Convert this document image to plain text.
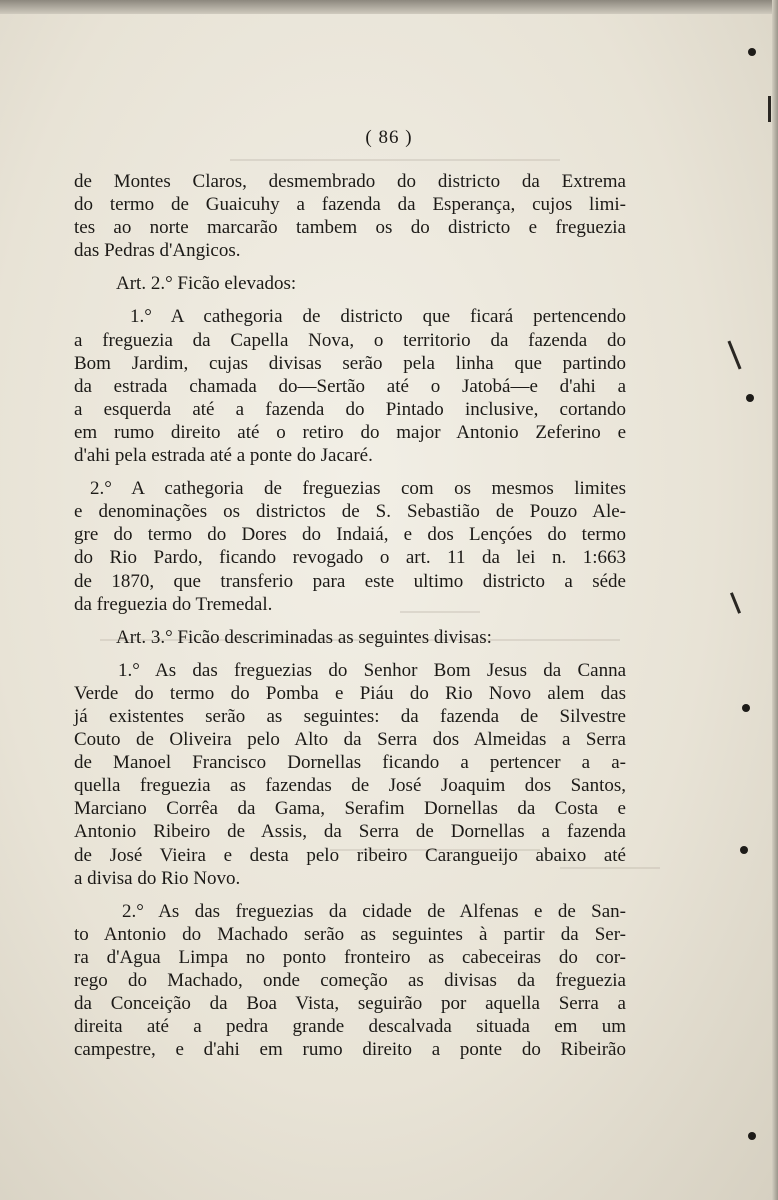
( 86 )
de Montes Claros, desmembrado do districto da Extrema
do termo de Guaicuhy a fazenda da Esperança, cujos limi-
tes ao norte marcarão tambem os do districto e freguezia
das Pedras d'Angicos.
Art. 2.° Ficão elevados:
1.° A cathegoria de districto que ficará pertencendo
a freguezia da Capella Nova, o territorio da fazenda do
Bom Jardim, cujas divisas serão pela linha que partindo
da estrada chamada do—Sertão até o Jatobá—e d'ahi a
a esquerda até a fazenda do Pintado inclusive, cortando
em rumo direito até o retiro do major Antonio Zeferino e
d'ahi pela estrada até a ponte do Jacaré.
2.° A cathegoria de freguezias com os mesmos limites
e denominações os districtos de S. Sebastião de Pouzo Ale-
gre do termo do Dores do Indaiá, e dos Lençóes do termo
do Rio Pardo, ficando revogado o art. 11 da lei n. 1:663
de 1870, que transferio para este ultimo districto a séde
da freguezia do Tremedal.
Art. 3.° Ficão descriminadas as seguintes divisas:
1.° As das freguezias do Senhor Bom Jesus da Canna
Verde do termo do Pomba e Piáu do Rio Novo alem das
já existentes serão as seguintes: da fazenda de Silvestre
Couto de Oliveira pelo Alto da Serra dos Almeidas a Serra
de Manoel Francisco Dornellas ficando a pertencer a a-
quella freguezia as fazendas de José Joaquim dos Santos,
Marciano Corrêa da Gama, Serafim Dornellas da Costa e
Antonio Ribeiro de Assis, da Serra de Dornellas a fazenda
de José Vieira e desta pelo ribeiro Carangueijo abaixo até
a divisa do Rio Novo.
2.° As das freguezias da cidade de Alfenas e de San-
to Antonio do Machado serão as seguintes à partir da Ser-
ra d'Agua Limpa no ponto fronteiro as cabeceiras do cor-
rego do Machado, onde começão as divisas da freguezia
da Conceição da Boa Vista, seguirão por aquella Serra a
direita até a pedra grande descalvada situada em um
campestre, e d'ahi em rumo direito a ponte do Ribeirão
